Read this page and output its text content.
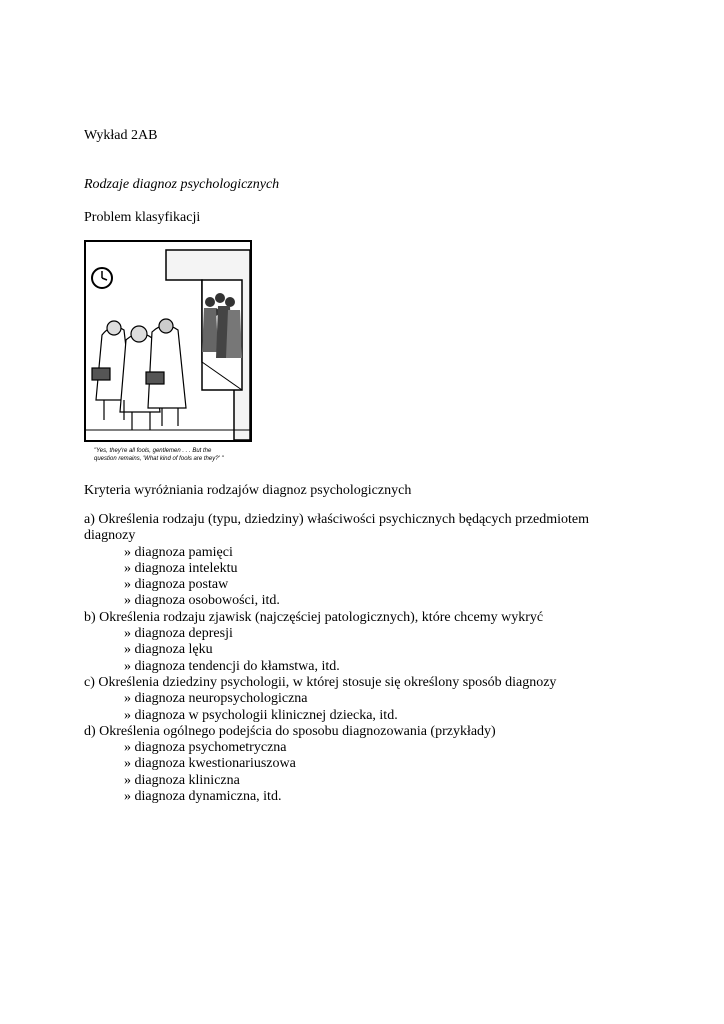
Wykład 2AB
Rodzaje diagnoz psychologicznych
Problem klasyfikacji
"Yes, they're all fools, gentlemen . . . But the
question remains, 'What kind of fools are they?' "
Kryteria wyróżniania rodzajów diagnoz psychologicznych
a) Określenia rodzaju (typu, dziedziny) właściwości psychicznych będących przedmiotem
diagnozy
» diagnoza pamięci
» diagnoza intelektu
» diagnoza postaw
» diagnoza osobowości, itd.
b) Określenia rodzaju zjawisk (najczęściej patologicznych), które chcemy wykryć
» diagnoza depresji
» diagnoza lęku
» diagnoza tendencji do kłamstwa, itd.
c) Określenia dziedziny psychologii, w której stosuje się określony sposób diagnozy
» diagnoza neuropsychologiczna
» diagnoza w psychologii klinicznej dziecka, itd.
d) Określenia ogólnego podejścia do sposobu diagnozowania (przykłady)
» diagnoza psychometryczna
» diagnoza kwestionariuszowa
» diagnoza kliniczna
» diagnoza dynamiczna, itd.
